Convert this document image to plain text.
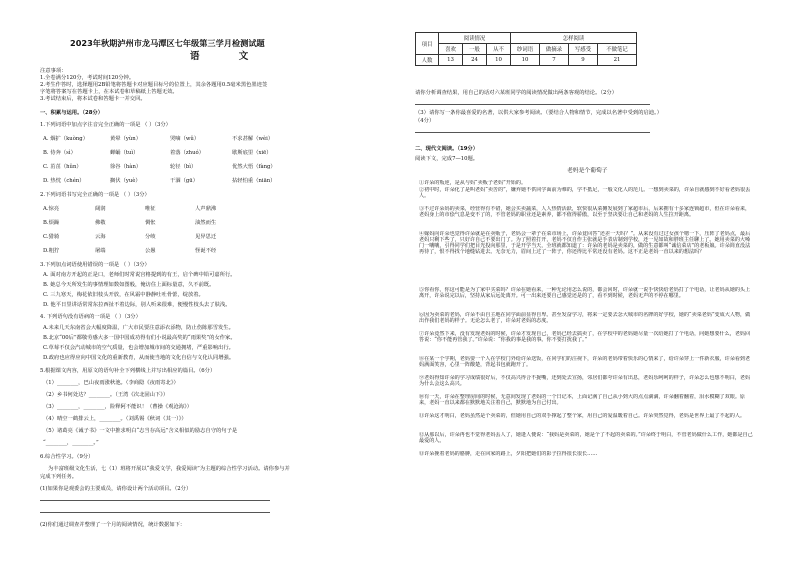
2023年秋期泸州市龙马潭区七年级第三学月检测试题
语 文
注意事项：
1.全卷满分120分，考试时间120分钟。
2.考生作答时，选择题用2B铅笔将答题卡对应题目标号的位置上，其余各题用0.5毫米黑色墨迹签
字笔将答案写在答题卡上，在本试卷和草稿纸上答题无效。
3.考试结束后，将本试卷和答题卡一并交回。
一、积累与运用。（28分）
1.下列词语中加点字注音完全正确的一项是 （ ）（3分）
A. 烟扩（kuòng）	黄晕（yùn）	哭嘀（wǔ）	不求甚解（wèi）
B. 侍奔（sì）	蝉蛹（tuì）	着落（zhuó）	歇斯底里（xiē）
C. 茁茁（hǔn）	徐谷（hàn）	轮径（bì）	优然大悟（fàng）
D. 热忱（chén）	搁伏（yuè）	干涸（gū）	拈轻怕重（niān）
2.下列词语书写完全正确的一项是 （ ）（3分）
A.惊亮	阔润	唯征	人声鼎沸
B.烦躁	佛敬	惆怅	油然而生
C.猎骑	云海	分岐	见异思迁
D.粗狞	屠端	公愚	怪诞不经
3.下列加点词语使用错误的一项是 （ ）（3分）
A. 面对南方开起的正是口，老师们时常说宫格提到的有王，启个碑中铅可嘉所行。
B. 她总今天所发生的事情理如数如图般，俺访住上面标量意，久不前既。
C. 三九寒天，梅花依旧枝头开放，在风霜中静静吐吐骨蕾，绽放着。
D. 他平日里讲话常常东拉西扯不着边际，别人听来很难，便慢性枝头去了肤浅。
4. 下列语句没有语病的一项是 （ ）（3分）
A.未来几天东南省会大幅度降温，广大市民要注意添衣添物，防止伤陈那雪发生。
B.北京“00后”都敬劳感大多一国中国成功得有们小说最高奖的“雨果奖”的女作家。
C.草莓不仅会汽动城市的空气质量，也会增加城市间的交通拥堵，严重影响出行。
D.政府也应得应向中国文化的重新教育，从而使当地的文化自信与文化认同增强。
5.根据课文内容，用原文的语句补全下列横线上并写出相应的篇目。（6分）
（1）________，巴山夜雨涨秋池。（李商隐《夜雨寄北》）
（2）乡书何处达？________。（王湾《次北固山下》）
（3）________，________，险释阿不能识！（曹操《观沧海》）
（4）晴空一鹤排云上，________。（刘禹锡《秋词（其一）》）
（5）诸葛亮《诫子书》一文中推求明白“志当存高远”含义相似的励志自守的句子是
“________，________。”
6.综合性学习。（9分）
为丰富班级文化生活，七（1）班将开展以“我爱文学，我爱阅读”为主题的综合性学习活动。请你参与并
完成下列任务。
(1)如果你是观委会的主要成员，请你设计两个活动项目。（2分）
(2)你们通过调查并整理了一个月的阅读情况，统计数据如下：
项目	阅读情况			怎样阅读			
	喜欢	一般	从不	纱词语	做摘录	写感受	不做笔记
人数	13	24	10	10	7	9	21
请你分析调查结果，用自己的话对六某班同学的阅读情况做出两条客观的结论。（2分）
（3）请你写一条你最喜爱的名著，以供大家参考阅读。（要结合人物和情节，完成以名著中受到的启迪。）
（4分）
二、现代文阅读。（19分）
阅读下文，完成7—10题。
老妈是个葡萄子
①许朵的叛逆，是从与妈“卖贩子老妈”开始的。
②初中时，许朵化了是叫老妈“卖苦的”，嫌弃她不供同学面前为难的，学不抵足，一般文化人的范儿。一想到卖菜的，许朵自就感到不好看老妈很丢人。
③不过许朵妈的卖菜，经营得有不错，她会买卖蔬菜，人人热情活跃，软快很从菜摊发展到了家超市后，后来拥有十多家连锁超市，但在许朵看来，老妈身上的市侩气息是变不了的，不管老妈的职业还是素养，都不值得骄傲，以至于坚决要让自己和老妈的人生拉开距离。
④嫁妈向许朵也觉得许朵就是在卖贩子，老妈会一辈子在菜市场上，许朵竟回答“还差一天吗？”。从来没有过过女孩个嗯一下，压阵了老妈点，最后老妈只剩下些了，只好许自己不要出门了。为了照着打开，老妈不仅自作主张就是手表店制到学校，还一见如故和胖班主任聊上了。她用卖菜的大嗓门一嚷嚷，引得同学们把目光投向那里，于是开学当天，全班就都知道了：许朵的老妈是卖菜的，做的生意都叫“诚信菜店”的老板娘。许朵简直没法再待了，恨不得找个地缝钻进去。无奈无力，眉间上过了一阵子，你还得比平常还没有老妈。这不正是老妈一直以来的想法吗？
⑤你看你，你这可能是为了家中买菜吗？许朵在她看来，一种无论用怎么说的，都会回时，许朵就一说手快快给老妈打了个电话，让老妈从她的头上离开，许朵说完以后，坚持从家后远处离开。可一出来还要自己感觉还是的了，看不到时候，老妈无声的不停在哪里。
⑥因为卖菜的老妈，许朵不由自主地在同学面前显得自卑。甚至发奋学习，将来一定要去念大城市的名牌的好学校，她的“卖菜老妈”变成大人物，做出作我们老妈的样子。无论怎么老了，许朵对老妈的态度。
⑦许朵竟然下来，没有发现老妈的时候，许朵才发现自己，老妈已经去搞卖了，在学校中的老妈她尽量一次给她打了个电话，问她想要什么，老妈回答说：“你不能再管我了。”许朵说：“你我的事是我的事。你不要打扰我了。”
⑧在某一个学期，老妈要一个人在学校门外给许朵送饭，在同学们的注视下，许朵的老妈带着快乐的心情来了，给许朵穿上一件新衣服，许朵看到老妈满面笑容，心里一阵酸楚，背起书包就跑开了。
⑨老妈得知许朵的学习成绩很好后，不仅高兴得合不拢嘴，还到处去宣扬，邻居们都夸许朵有出息，老妈乐呵呵的样子，许朵怎么也想不明白，老妈为什么会这么高兴。
⑩有一天，许朵在整理房间的时候，无意间发现了老妈的一个日记本，上面记满了自己从小到大的点点滴滴，许朵翻着翻着，泪水模糊了双眼。原来，老妈一直以来都在默默地关注着自己，默默地为自己付出。
⑪许朵这才明白，老妈虽然是个卖菜的，但她用自己的双手撑起了整个家，用自己的爱温暖着自己。许朵突然觉得，老妈是世界上最了不起的人。
⑫从那以后，许朵再也不觉得老妈丢人了，她逢人便说：“我妈是卖菜的，她是个了不起的卖菜的。”许朵终于明白，不管老妈做什么工作，她都是自己最爱的人。
⑬许朵挽着老妈的胳膊，走在回家的路上，夕阳把她们的影子拉得很长很长……
